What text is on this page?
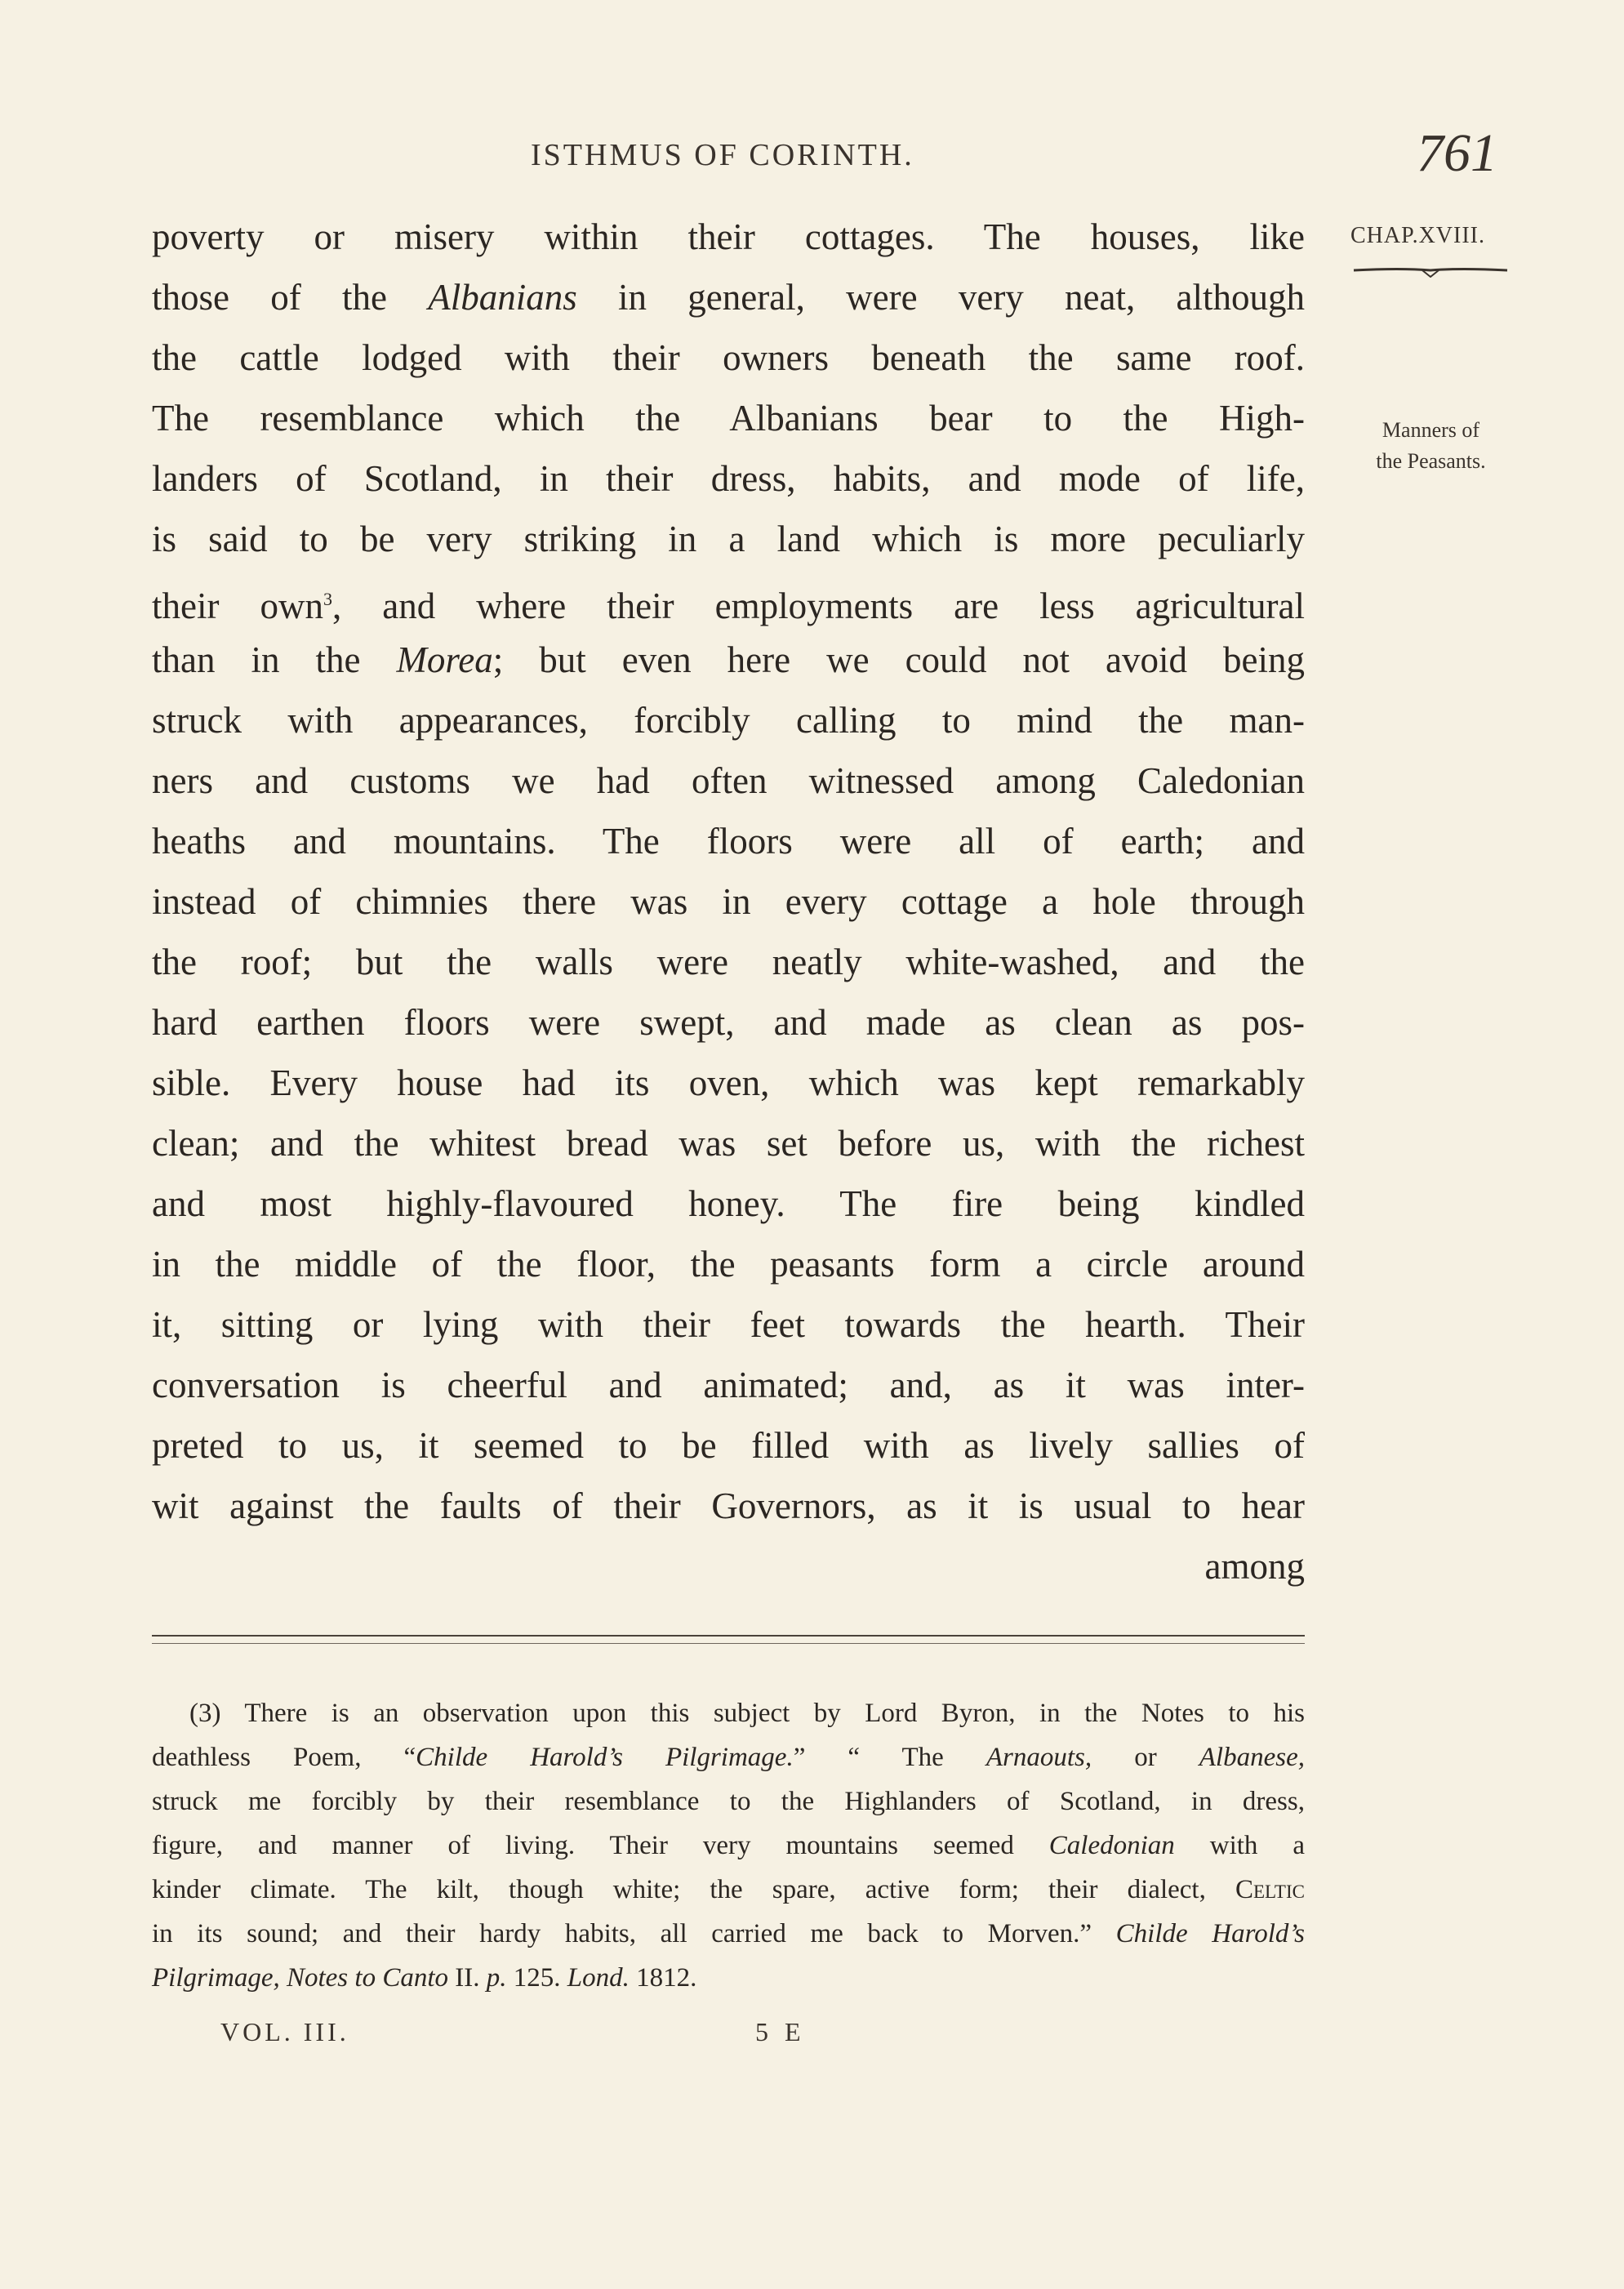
ISTHMUS OF CORINTH.	761
CHAP.XVIII.
Manners of
the Peasants.
poverty or misery within their cottages. The houses, like
those of the Albanians in general, were very neat, although
the cattle lodged with their owners beneath the same roof.
The resemblance which the Albanians bear to the High-
landers of Scotland, in their dress, habits, and mode of life,
is said to be very striking in a land which is more peculiarly
their own$^3$, and where their employments are less agricultural
than in the Morea; but even here we could not avoid being
struck with appearances, forcibly calling to mind the man-
ners and customs we had often witnessed among Caledonian
heaths and mountains. The floors were all of earth; and
instead of chimnies there was in every cottage a hole through
the roof; but the walls were neatly white-washed, and the
hard earthen floors were swept, and made as clean as pos-
sible. Every house had its oven, which was kept remarkably
clean; and the whitest bread was set before us, with the richest
and most highly-flavoured honey. The fire being kindled
in the middle of the floor, the peasants form a circle around
it, sitting or lying with their feet towards the hearth. Their
conversation is cheerful and animated; and, as it was inter-
preted to us, it seemed to be filled with as lively sallies of
wit against the faults of their Governors, as it is usual to hear
among
(3) There is an observation upon this subject by Lord Byron, in the Notes to his
deathless Poem, “Childe Harold’s Pilgrimage.” “ The Arnaouts, or Albanese,
struck me forcibly by their resemblance to the Highlanders of Scotland, in dress,
figure, and manner of living. Their very mountains seemed Caledonian with a
kinder climate. The kilt, though white; the spare, active form; their dialect, Celtic
in its sound; and their hardy habits, all carried me back to Morven.” Childe Harold’s
Pilgrimage, Notes to Canto II. p. 125. Lond. 1812.
VOL. III.	5 E
